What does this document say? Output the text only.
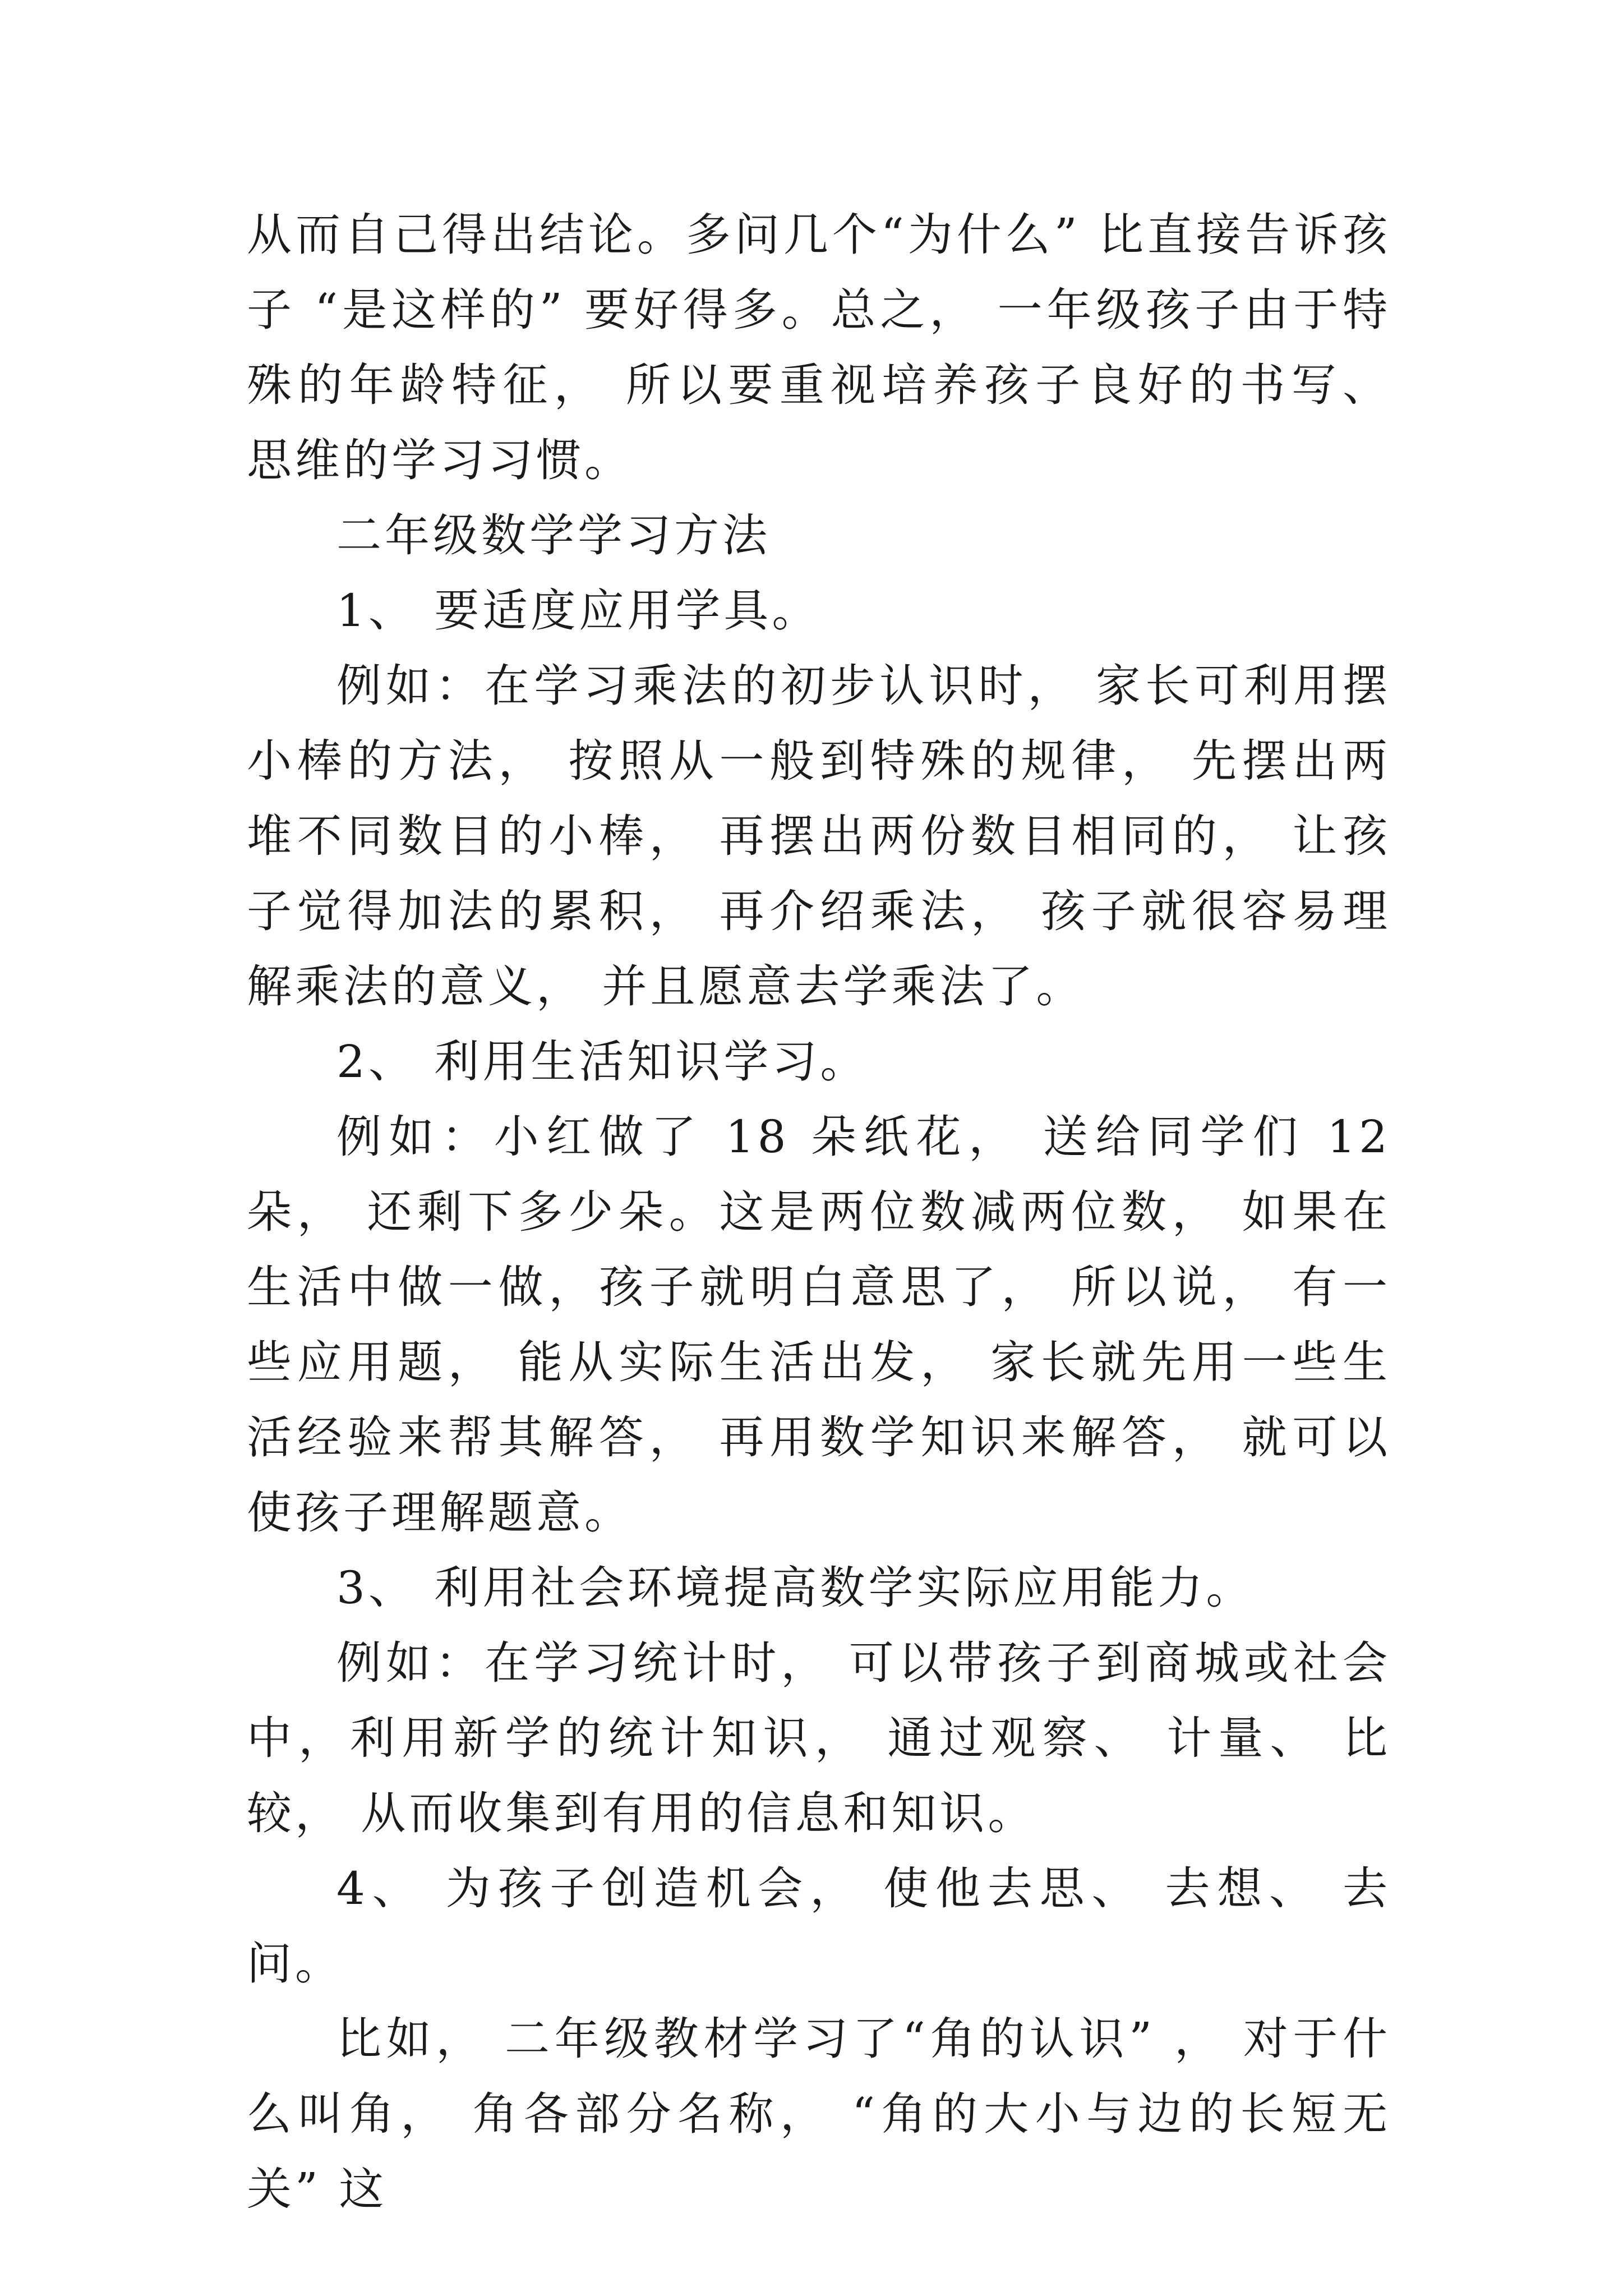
从而自己得出结论。多问几个“为什么” 比直接告诉孩子 “是这样的” 要好得多。总之， 一年级孩子由于特殊的年龄特征， 所以要重视培养孩子良好的书写、 思维的学习习惯。

二年级数学学习方法

1、 要适度应用学具。

例如：在学习乘法的初步认识时， 家长可利用摆小棒的方法， 按照从一般到特殊的规律， 先摆出两堆不同数目的小棒， 再摆出两份数目相同的， 让孩子觉得加法的累积， 再介绍乘法， 孩子就很容易理解乘法的意义， 并且愿意去学乘法了。

2、 利用生活知识学习。

例如：小红做了 18 朵纸花， 送给同学们 12 朵， 还剩下多少朵。这是两位数减两位数， 如果在生活中做一做，孩子就明白意思了， 所以说， 有一些应用题， 能从实际生活出发， 家长就先用一些生活经验来帮其解答， 再用数学知识来解答， 就可以使孩子理解题意。

3、 利用社会环境提高数学实际应用能力。

例如：在学习统计时， 可以带孩子到商城或社会中，利用新学的统计知识， 通过观察、 计量、 比较， 从而收集到有用的信息和知识。

4、 为孩子创造机会， 使他去思、 去想、 去问。

比如， 二年级教材学习了“角的认识” ， 对于什么叫角， 角各部分名称， “角的大小与边的长短无关” 这
